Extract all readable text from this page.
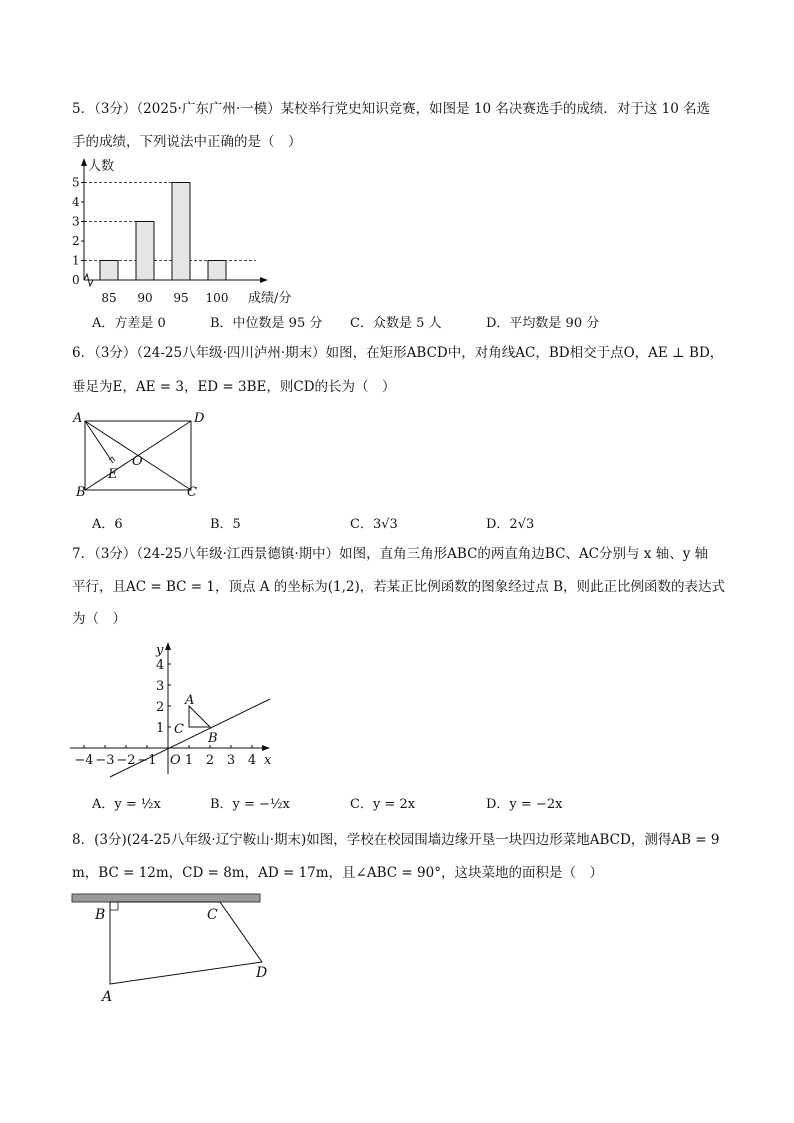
5．（3分）（2025·广东广州·一模）某校举行党史知识竞赛，如图是 10 名决赛选手的成绩．对于这 10 名选
手的成绩，下列说法中正确的是（　）
人数
0
1
2
3
4
5
85 90 95 100 成绩/分
A．方差是 0	B．中位数是 95 分 C．众数是 5 人	D．平均数是 90 分
6．（3分）（24-25八年级·四川泸州·期末）如图，在矩形ABCD中，对角线AC，BD相交于点O，AE ⊥ BD，
垂足为E，AE = 3，ED = 3BE，则CD的长为（　）
A	D
B	C
E
O
A．6	B．5	C．3√3	D．2√3
7．（3分）（24-25八年级·江西景德镇·期中）如图，直角三角形ABC的两直角边BC、AC分别与 x 轴、y 轴
平行，且AC = BC = 1，顶点 A 的坐标为(1,2)，若某正比例函数的图象经过点 B，则此正比例函数的表达式
为（　）
x
y
O
−4 −3 −2 −1 1 2 3 4
1
2
3
4
A
C
B
A．y = ½x	B．y = −½x	C．y = 2x	D．y = −2x
8．(3分)(24-25八年级·辽宁鞍山·期末)如图，学校在校园围墙边缘开垦一块四边形菜地ABCD，测得AB = 9
m，BC = 12m，CD = 8m，AD = 17m，且∠ABC = 90°，这块菜地的面积是（　）
B	C
D
A
